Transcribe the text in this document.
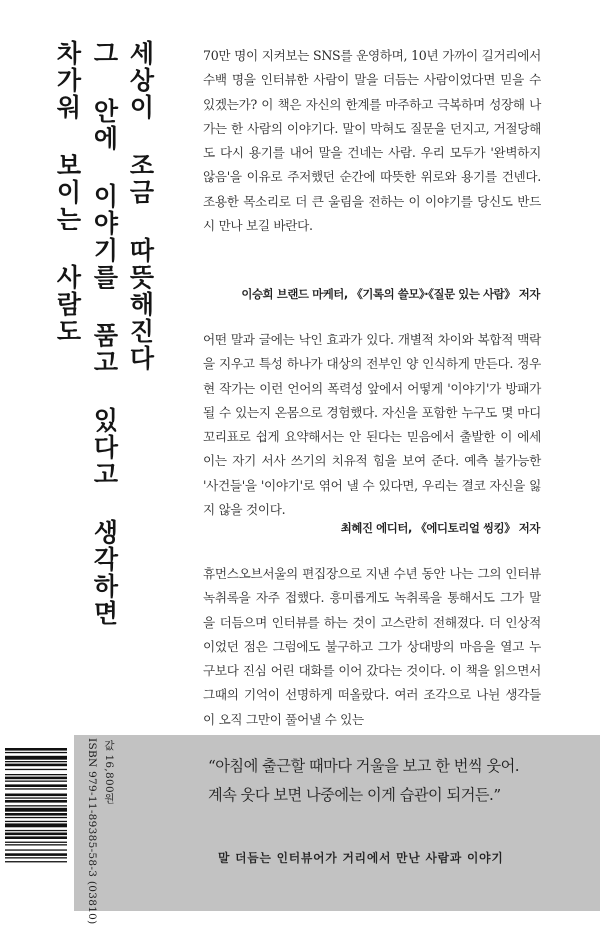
세상이 조금 따뜻해진다
그 안에 이야기를 품고 있다고 생각하면
차가워 보이는 사람도	70만 명이 지켜보는 SNS를 운영하며, 10년 가까이 길거리에서 수백 명을 인터뷰한 사람이 말을 더듬는 사람이었다면 믿을 수 있겠는가? 이 책은 자신의 한계를 마주하고 극복하며 성장해 나가는 한 사람의 이야기다. 말이 막혀도 질문을 던지고, 거절당해도 다시 용기를 내어 말을 건네는 사람. 우리 모두가 '완벽하지 않음'을 이유로 주저했던 순간에 따뜻한 위로와 용기를 건넨다. 조용한 목소리로 더 큰 울림을 전하는 이 이야기를 당신도 반드시 만나 보길 바란다.
이승희 브랜드 마케터, 《기록의 쓸모》·《질문 있는 사람》 저자
어떤 말과 글에는 낙인 효과가 있다. 개별적 차이와 복합적 맥락을 지우고 특성 하나가 대상의 전부인 양 인식하게 만든다. 정우현 작가는 이런 언어의 폭력성 앞에서 어떻게 '이야기'가 방패가 될 수 있는지 온몸으로 경험했다. 자신을 포함한 누구도 몇 마디 꼬리표로 쉽게 요약해서는 안 된다는 믿음에서 출발한 이 에세이는 자기 서사 쓰기의 치유적 힘을 보여 준다. 예측 불가능한 '사건들'을 '이야기'로 엮어 낼 수 있다면, 우리는 결코 자신을 잃지 않을 것이다.
최혜진 에디터, 《에디토리얼 씽킹》 저자
휴먼스오브서울의 편집장으로 지낸 수년 동안 나는 그의 인터뷰 녹취록을 자주 접했다. 흥미롭게도 녹취록을 통해서도 그가 말을 더듬으며 인터뷰를 하는 것이 고스란히 전해졌다. 더 인상적이었던 점은 그럼에도 불구하고 그가 상대방의 마음을 열고 누구보다 진심 어린 대화를 이어 갔다는 것이다. 이 책을 읽으면서 그때의 기억이 선명하게 떠올랐다. 여러 조각으로 나뉜 생각들이 오직 그만이 풀어낼 수 있는
ISBN 979-11-89385-58-3 (03810) 값 16,800원	“아침에 출근할 때마다 거울을 보고 한 번씩 웃어.
계속 웃다 보면 나중에는 이게 습관이 되거든.”
말 더듬는 인터뷰어가 거리에서 만난 사람과 이야기
